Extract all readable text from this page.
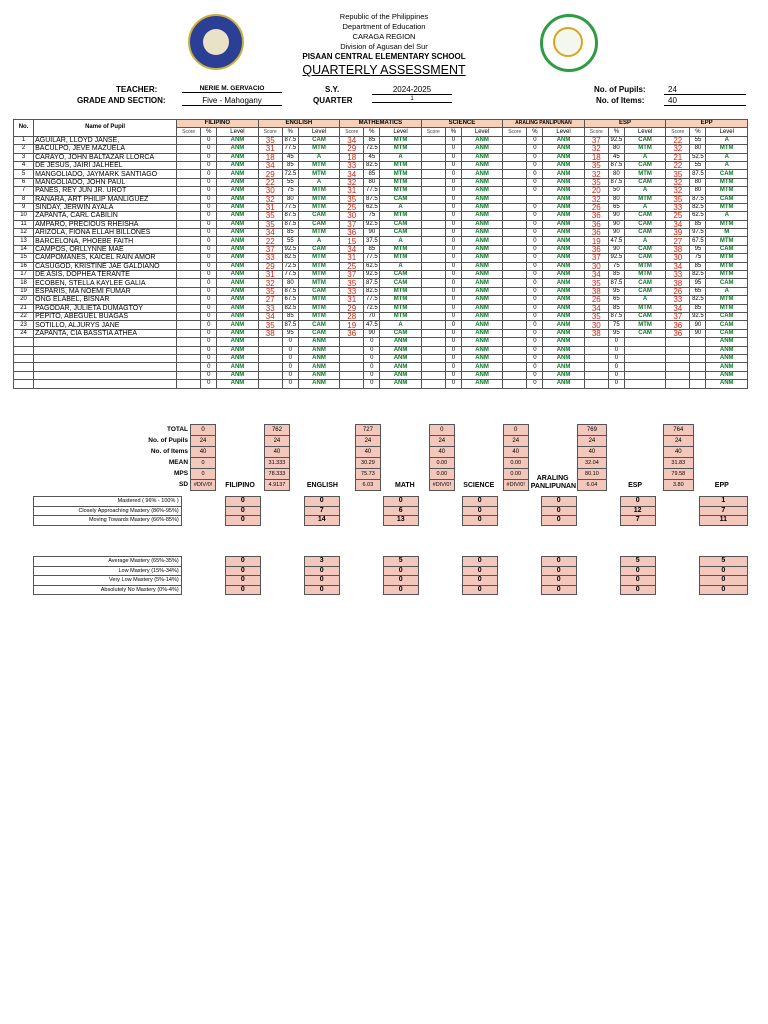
Republic of the Philippines
Department of Education
CARAGA REGION
Division of Agusan del Sur
PISAAN CENTRAL ELEMENTARY SCHOOL
QUARTERLY ASSESSMENT
TEACHER:	NERIE M. GERVACIO
GRADE AND SECTION:	Five - Mahogany
S.Y.	2024-2025
QUARTER	1
No. of Pupils:	24
No. of Items:	40
No.	Name of Pupil	FILIPINO			ENGLISH			MATHEMATICS			SCIENCE			ARALING PANLIPUNAN			ESP			EPP		
		Score	%	Level	Score	%	Level	Score	%	Level	Score	%	Level	Score	%	Level	Score	%	Level	Score	%	Level
1	AGUILAR, LLOYD JANSE,		0	ANM	35	87.5	CAM	34	85	MTM		0	ANM		0	ANM	37	92.5	CAM	22	55	A
2	BACULPO, JEVE MAZUELA		0	ANM	31	77.5	MTM	29	72.5	MTM		0	ANM		0	ANM	32	80	MTM	32	80	MTM
3	CARAYO, JOHN BALTAZAR LLORCA		0	ANM	18	45	A	18	45	A		0	ANM		0	ANM	18	45	A	21	52.5	A
4	DE JESUS, JAIRI JALHEEL		0	ANM	34	85	MTM	33	82.5	MTM		0	ANM		0	ANM	35	87.5	CAM	22	55	A
5	MANGOLIADO, JAYMARK SANTIAGO		0	ANM	29	72.5	MTM	34	85	MTM		0	ANM		0	ANM	32	80	MTM	35	87.5	CAM
6	MANGOLIADO, JOHN PAUL		0	ANM	22	55	A	32	80	MTM		0	ANM		0	ANM	35	87.5	CAM	32	80	MTM
7	PANES, REY JUN JR. UROT		0	ANM	30	75	MTM	31	77.5	MTM		0	ANM		0	ANM	20	50	A	32	80	MTM
8	RANARA, ART PHILIP MANLIGUEZ		0	ANM	32	80	MTM	35	87.5	CAM		0	ANM			ANM	32	80	MTM	35	87.5	CAM
9	SINDAY, JERWIN AYALA		0	ANM	31	77.5	MTM	25	62.5	A		0	ANM		0	ANM	26	65	A	33	82.5	MTM
10	ZAPANTA, CARL CABILIN		0	ANM	35	87.5	CAM	30	75	MTM		0	ANM		0	ANM	36	90	CAM	25	62.5	A
11	AMPARO, PRECIOUS RHEISHA		0	ANM	35	87.5	CAM	37	92.5	CAM		0	ANM		0	ANM	36	90	CAM	34	85	MTM
12	ARIZOLA, FIONA ELLAH BILLONES		0	ANM	34	85	MTM	36	90	CAM		0	ANM		0	ANM	36	90	CAM	39	97.5	M
13	BARCELONA, PHOEBE FAITH		0	ANM	22	55	A	15	37.5	A		0	ANM		0	ANM	19	47.5	A	27	67.5	MTM
14	CAMPOS, ORLLYNNE MAE		0	ANM	37	92.5	CAM	34	85	MTM		0	ANM		0	ANM	36	90	CAM	38	95	CAM
15	CAMPOMANES, KAICEL RAIN AMOR		0	ANM	33	82.5	MTM	31	77.5	MTM		0	ANM		0	ANM	37	92.5	CAM	30	75	MTM
16	CASUGOD, KRISTINE JAE GALDIANO		0	ANM	29	72.5	MTM	25	62.5	A		0	ANM		0	ANM	30	75	MTM	34	85	MTM
17	DE ASIS, DOPHEA TERANTE		0	ANM	31	77.5	MTM	37	92.5	CAM		0	ANM		0	ANM	34	85	MTM	33	82.5	MTM
18	ECOBEN, STELLA KAYLEE GALIA		0	ANM	32	80	MTM	35	87.5	CAM		0	ANM		0	ANM	35	87.5	CAM	38	95	CAM
19	ESPARIS, MA NOEMI FUMAR		0	ANM	35	87.5	CAM	33	82.5	MTM		0	ANM		0	ANM	38	95	CAM	26	65	A
20	ONG ELABEL, BISNAR		0	ANM	27	67.5	MTM	31	77.5	MTM		0	ANM		0	ANM	26	65	A	33	82.5	MTM
21	PAGODAR, JULIETA DUMAGTOY		0	ANM	33	82.5	MTM	29	72.5	MTM		0	ANM		0	ANM	34	85	MTM	34	85	MTM
22	PEPITO, ABEGUEL BUAGAS		0	ANM	34	85	MTM	28	70	MTM		0	ANM		0	ANM	35	87.5	CAM	37	92.5	CAM
23	SOTILLO, ALJURYS JANE		0	ANM	35	87.5	CAM	19	47.5	A		0	ANM		0	ANM	30	75	MTM	36	90	CAM
24	ZAPANTA, CIA BASSTIA ATHEA		0	ANM	38	95	CAM	36	90	CAM		0	ANM		0	ANM	38	95	CAM	36	90	CAM
			0	ANM		0	ANM		0	ANM		0	ANM		0	ANM		0				ANM
			0	ANM		0	ANM		0	ANM		0	ANM		0	ANM		0				ANM
			0	ANM		0	ANM		0	ANM		0	ANM		0	ANM		0				ANM
			0	ANM		0	ANM		0	ANM		0	ANM		0	ANM		0				ANM
			0	ANM		0	ANM		0	ANM		0	ANM		0	ANM		0				ANM
			0	ANM		0	ANM		0	ANM		0	ANM		0	ANM		0				ANM
TOTAL	0		762		727		0		0		769		764	
No. of Pupils	24		24		24		24		24		24		24	
No. of Items	40		40		40		40		40		40		40	
MEAN	0		31.333		30.29		0.00		0.00		32.04		31.83	
MPS	0		78.333		75.73		0.00		0.00	ARALING PANLIPUNAN	80.10		79.58	
SD	#DIV/0!	FILIPINO	4.9137	ENGLISH	6.03	MATH	#DIV/0!	SCIENCE	#DIV/0!		6.04	ESP	3.80	EPP
Mastered ( 96% - 100% )		0		0		0		0		0		0		1
Closely Approaching Mastery (86%-95%)		0		7		6		0		0		12		7
Moving Towards Mastery (66%-85%)		0		14		13		0		0		7		11
Average Mastery (65%-35%)		0		3		5		0		0		5		5
Low Mastery (15%-34%)		0		0		0		0		0		0		0
Very Low Mastery (5%-14%)		0		0		0		0		0		0		0
Absolutely No Mastery (0%-4%)		0		0		0		0		0		0		0
